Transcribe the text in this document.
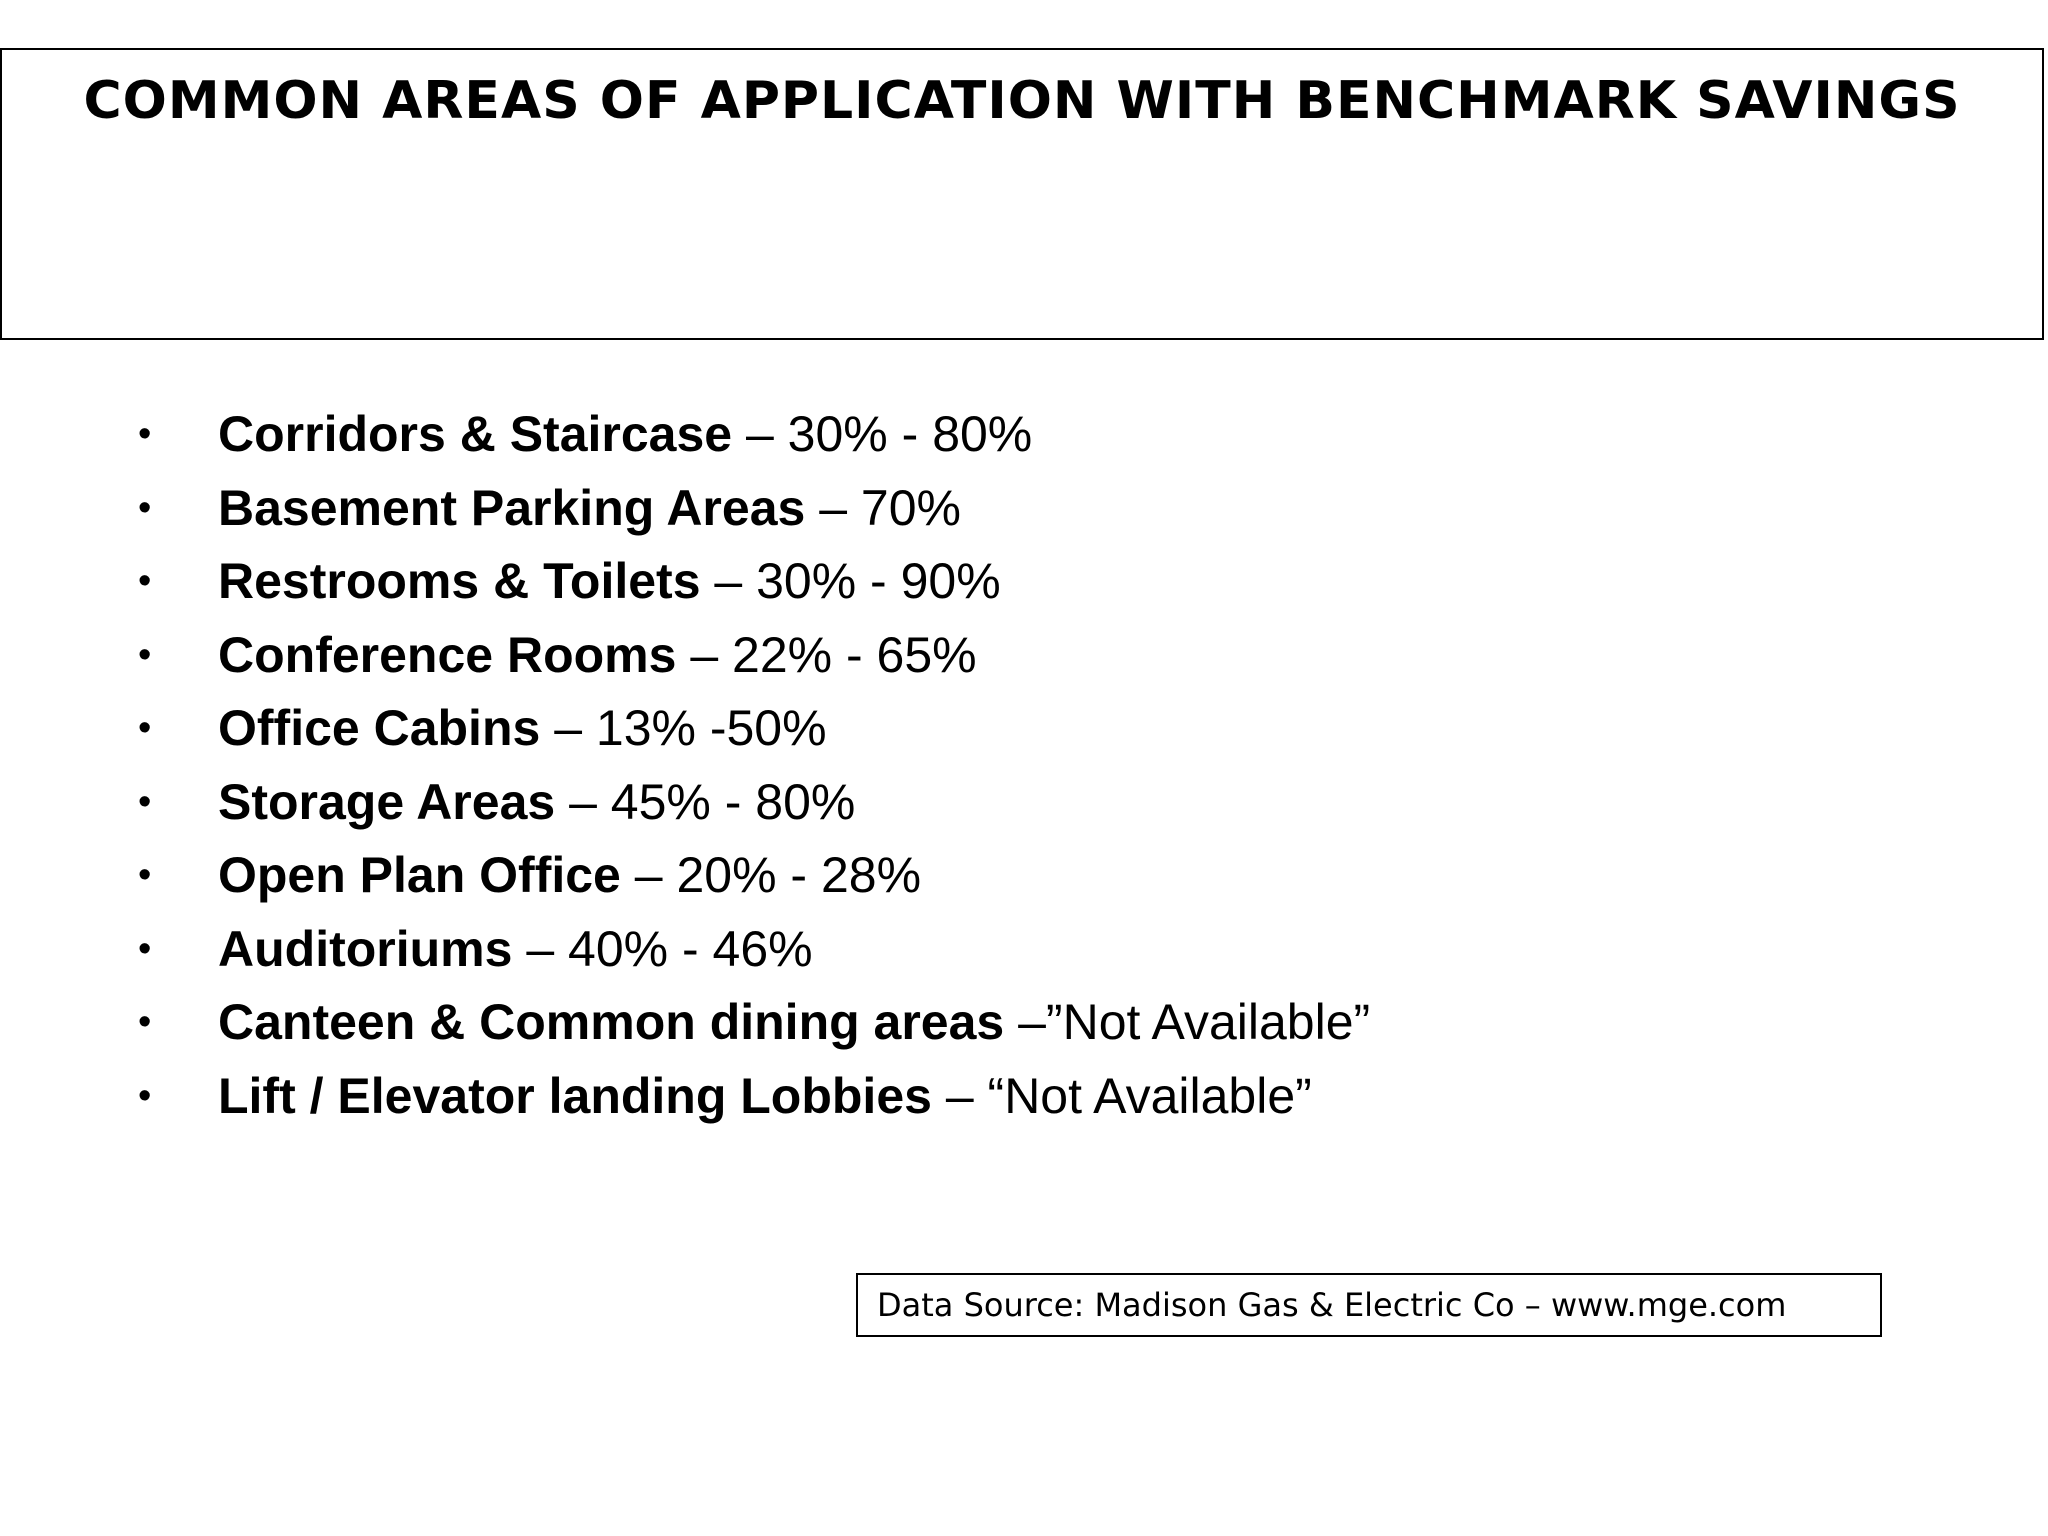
COMMON AREAS OF APPLICATION WITH BENCHMARK SAVINGS
•	Corridors & Staircase – 30% - 80%
•	Basement Parking Areas – 70%
•	Restrooms & Toilets – 30% - 90%
•	Conference Rooms – 22% - 65%
•	Office Cabins – 13% -50%
•	Storage Areas – 45% - 80%
•	Open Plan Office – 20% - 28%
•	Auditoriums – 40% - 46%
•	Canteen & Common dining areas –”Not Available”
•	Lift / Elevator landing Lobbies – “Not Available”
Data Source: Madison Gas & Electric Co – www.mge.com
